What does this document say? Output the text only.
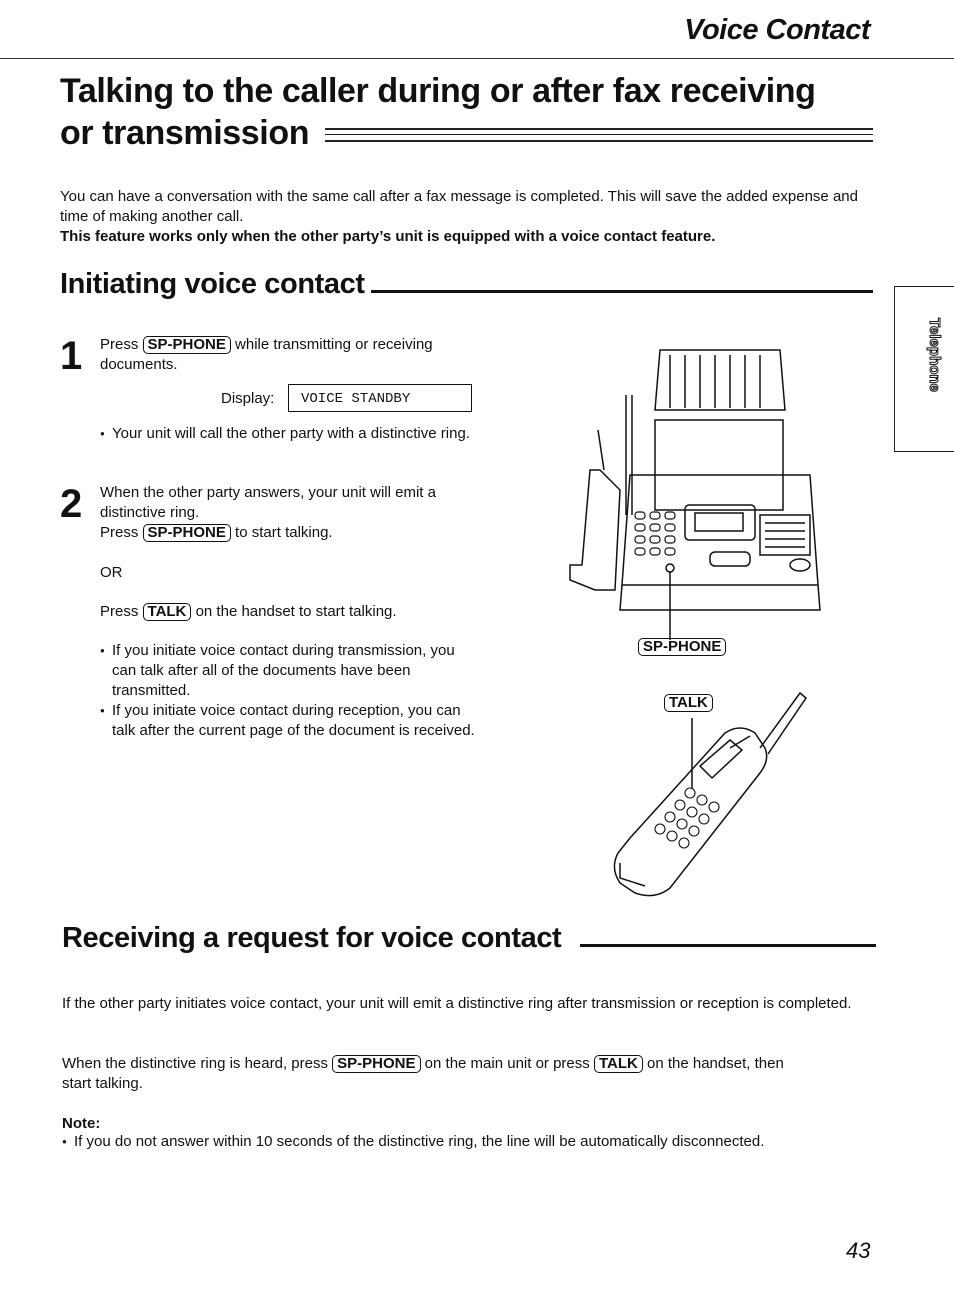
Voice Contact
Talking to the caller during or after fax receiving
or transmission
You can have a conversation with the same call after a fax message is completed. This will save the added expense and time of making another call.
This feature works only when the other party’s unit is equipped with a voice contact feature.
Initiating voice contact
Telephone
1 Press SP-PHONE while transmitting or receiving
documents.
Display:	VOICE STANDBY
● Your unit will call the other party with a distinctive ring.
2 When the other party answers, your unit will emit a
distinctive ring.
Press SP-PHONE to start talking.
OR
Press TALK on the handset to start talking.
● If you initiate voice contact during transmission, you can talk after all of the documents have been transmitted.
● If you initiate voice contact during reception, you can talk after the current page of the document is received.
SP-PHONE
TALK
Receiving a request for voice contact
If the other party initiates voice contact, your unit will emit a distinctive ring after transmission or reception is completed.
When the distinctive ring is heard, press SP-PHONE on the main unit or press TALK on the handset, then
start talking.
Note:
● If you do not answer within 10 seconds of the distinctive ring, the line will be automatically disconnected.
43
